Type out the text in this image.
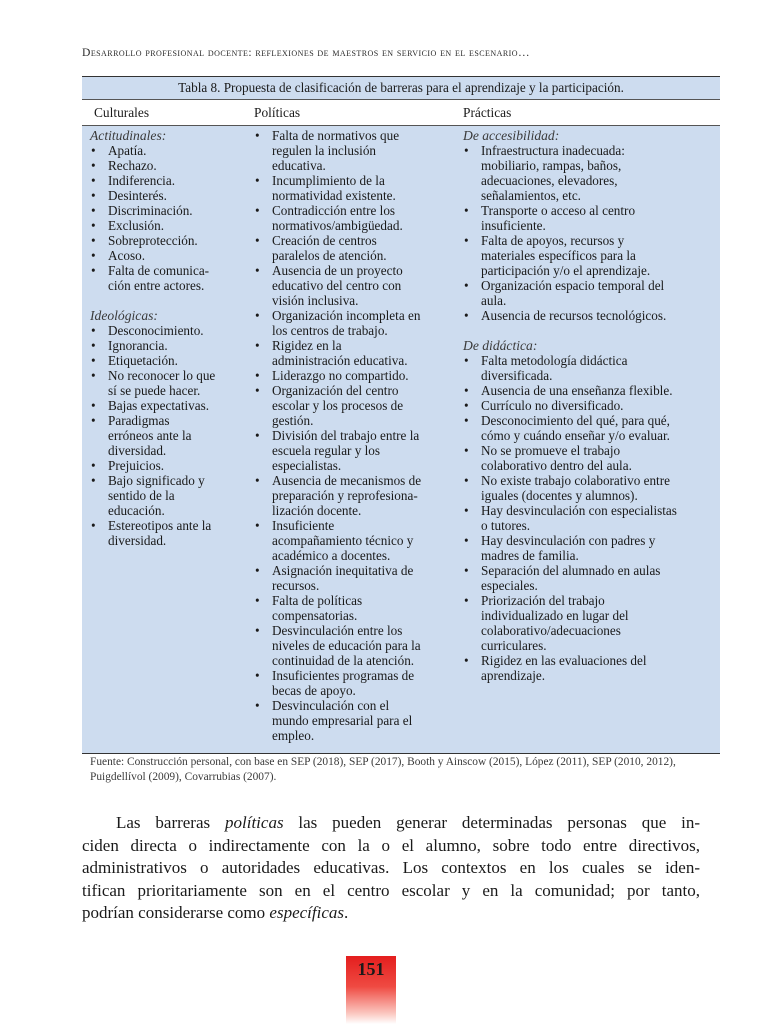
Desarrollo profesional docente: reflexiones de maestros en servicio en el escenario…
Tabla 8. Propuesta de clasificación de barreras para el aprendizaje y la participación.
Culturales	Políticas	Prácticas
Actitudinales:
• Apatía.
• Rechazo.
• Indiferencia.
• Desinterés.
• Discriminación.
• Exclusión.
• Sobreprotección.
• Acoso.
• Falta de comunica-
ción entre actores.
Ideológicas:
• Desconocimiento.
• Ignorancia.
• Etiquetación.
• No reconocer lo que
sí se puede hacer.
• Bajas expectativas.
• Paradigmas
erróneos ante la
diversidad.
• Prejuicios.
• Bajo significado y
sentido de la
educación.
• Estereotipos ante la
diversidad.
• Falta de normativos que
regulen la inclusión
educativa.
• Incumplimiento de la
normatividad existente.
• Contradicción entre los
normativos/ambigüedad.
• Creación de centros
paralelos de atención.
• Ausencia de un proyecto
educativo del centro con
visión inclusiva.
• Organización incompleta en
los centros de trabajo.
• Rigidez en la
administración educativa.
• Liderazgo no compartido.
• Organización del centro
escolar y los procesos de
gestión.
• División del trabajo entre la
escuela regular y los
especialistas.
• Ausencia de mecanismos de
preparación y reprofesiona-
lización docente.
• Insuficiente
acompañamiento técnico y
académico a docentes.
• Asignación inequitativa de
recursos.
• Falta de políticas
compensatorias.
• Desvinculación entre los
niveles de educación para la
continuidad de la atención.
• Insuficientes programas de
becas de apoyo.
• Desvinculación con el
mundo empresarial para el
empleo.
De accesibilidad:
• Infraestructura inadecuada:
mobiliario, rampas, baños,
adecuaciones, elevadores,
señalamientos, etc.
• Transporte o acceso al centro
insuficiente.
• Falta de apoyos, recursos y
materiales específicos para la
participación y/o el aprendizaje.
• Organización espacio temporal del
aula.
• Ausencia de recursos tecnológicos.
De didáctica:
• Falta metodología didáctica
diversificada.
• Ausencia de una enseñanza flexible.
• Currículo no diversificado.
• Desconocimiento del qué, para qué,
cómo y cuándo enseñar y/o evaluar.
• No se promueve el trabajo
colaborativo dentro del aula.
• No existe trabajo colaborativo entre
iguales (docentes y alumnos).
• Hay desvinculación con especialistas
o tutores.
• Hay desvinculación con padres y
madres de familia.
• Separación del alumnado en aulas
especiales.
• Priorización del trabajo
individualizado en lugar del
colaborativo/adecuaciones
curriculares.
• Rigidez en las evaluaciones del
aprendizaje.
Fuente: Construcción personal, con base en SEP (2018), SEP (2017), Booth y Ainscow (2015), López (2011), SEP (2010, 2012), Puigdellívol (2009), Covarrubias (2007).
Las barreras políticas las pueden generar determinadas personas que in-
ciden directa o indirectamente con la o el alumno, sobre todo entre directivos,
administrativos o autoridades educativas. Los contextos en los cuales se iden-
tifican prioritariamente son en el centro escolar y en la comunidad; por tanto,
podrían considerarse como específicas.
151
